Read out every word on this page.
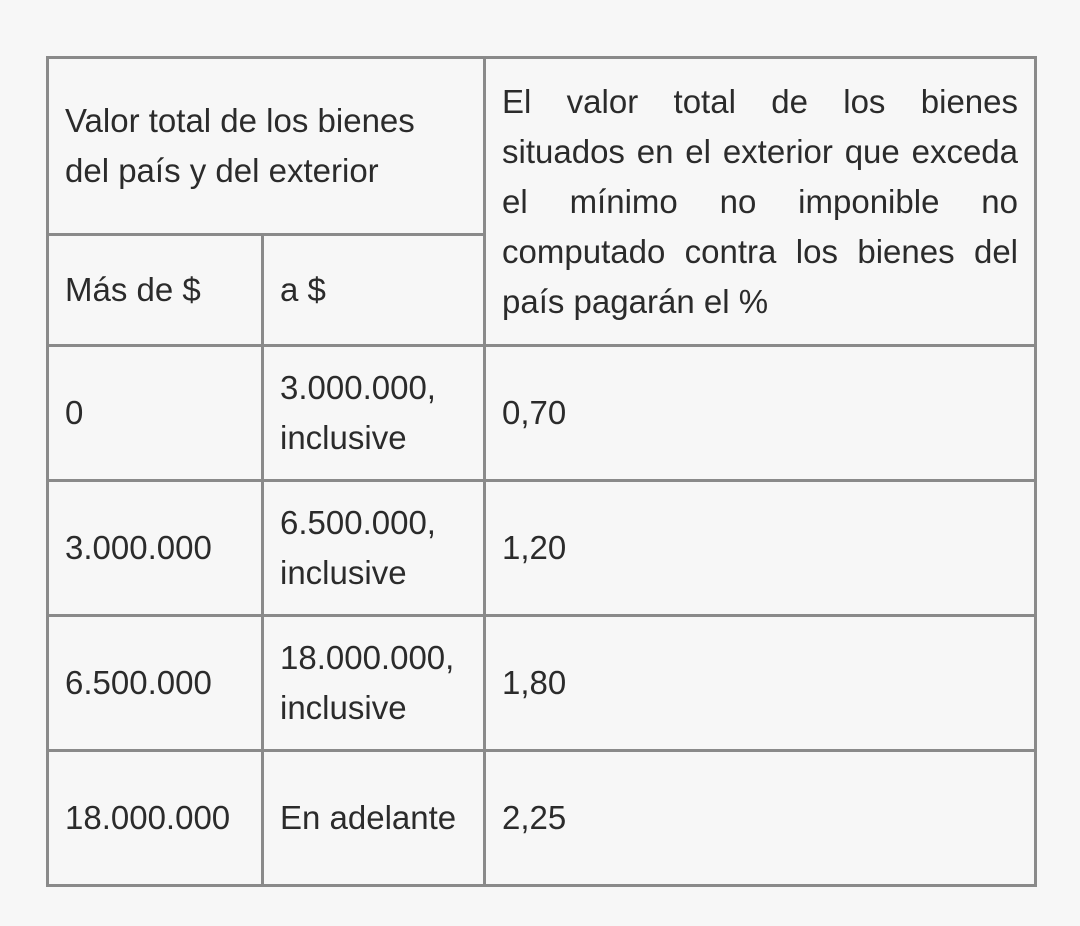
Valor total de los bienes del país y del exterior		El valor total de los bienes situados en el exterior que exceda el mínimo no imponible no computado contra los bienes del país pagarán el %

Más de $	a $	
0	3.000.000, inclusive	0,70
3.000.000	6.500.000, inclusive	1,20
6.500.000	18.000.000, inclusive	1,80
18.000.000	En adelante	2,25
